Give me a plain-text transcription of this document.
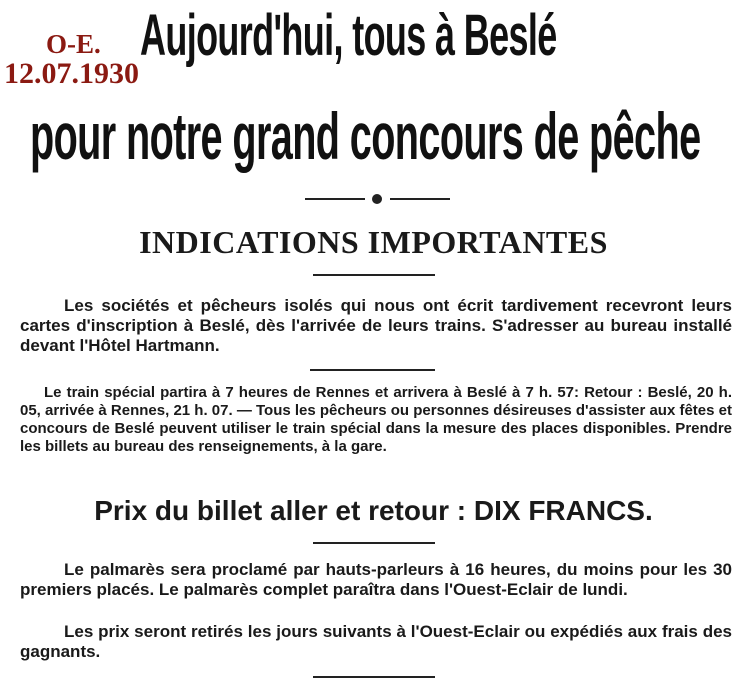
O-E.
12.07.1930
Aujourd'hui, tous à Beslé
pour notre grand concours de pêche
INDICATIONS IMPORTANTES
Les sociétés et pêcheurs isolés qui nous ont écrit tardivement recevront leurs cartes d'inscription à Beslé, dès l'arrivée de leurs trains. S'adresser au bureau installé devant l'Hôtel Hartmann.
Le train spécial partira à 7 heures de Rennes et arrivera à Beslé à 7 h. 57: Retour : Beslé, 20 h. 05, arrivée à Rennes, 21 h. 07. — Tous les pêcheurs ou personnes désireuses d'assister aux fêtes et concours de Beslé peuvent utiliser le train spécial dans la mesure des places disponibles. Prendre les billets au bureau des renseignements, à la gare.
Prix du billet aller et retour : DIX FRANCS.
Le palmarès sera proclamé par hauts-parleurs à 16 heures, du moins pour les 30 premiers placés. Le palmarès complet paraîtra dans l'Ouest-Eclair de lundi.
Les prix seront retirés les jours suivants à l'Ouest-Eclair ou expédiés aux frais des gagnants.
